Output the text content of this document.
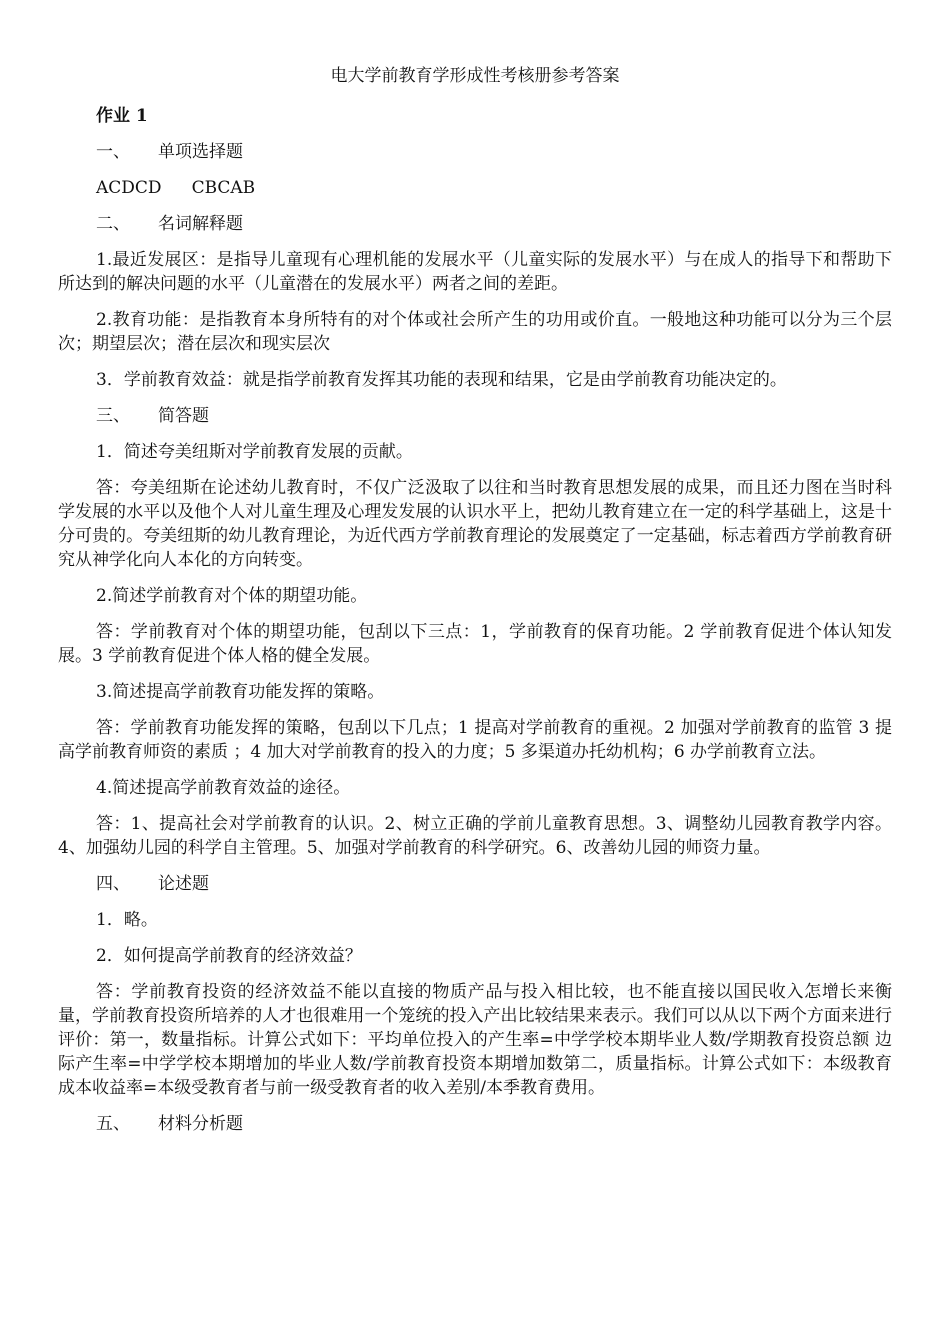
电大学前教育学形成性考核册参考答案
作业 1
一、 单项选择题
ACDCD CBCAB
二、 名词解释题
1.最近发展区：是指导儿童现有心理机能的发展水平（儿童实际的发展水平）与在成人的指导下和帮助下所达到的解决问题的水平（儿童潜在的发展水平）两者之间的差距。
2.教育功能：是指教育本身所特有的对个体或社会所产生的功用或价直。一般地这种功能可以分为三个层次；期望层次；潜在层次和现实层次
3．学前教育效益：就是指学前教育发挥其功能的表现和结果，它是由学前教育功能决定的。
三、 简答题
1．简述夸美纽斯对学前教育发展的贡献。
答：夸美纽斯在论述幼儿教育时，不仅广泛汲取了以往和当时教育思想发展的成果，而且还力图在当时科学发展的水平以及他个人对儿童生理及心理发发展的认识水平上，把幼儿教育建立在一定的科学基础上，这是十分可贵的。夸美纽斯的幼儿教育理论，为近代西方学前教育理论的发展奠定了一定基础，标志着西方学前教育研究从神学化向人本化的方向转变。
2.简述学前教育对个体的期望功能。
答：学前教育对个体的期望功能，包刮以下三点：1，学前教育的保育功能。2 学前教育促进个体认知发展。3 学前教育促进个体人格的健全发展。
3.简述提高学前教育功能发挥的策略。
答：学前教育功能发挥的策略，包刮以下几点；1 提高对学前教育的重视。2 加强对学前教育的监管 3 提高学前教育师资的素质 ；4 加大对学前教育的投入的力度；5 多渠道办托幼机构；6 办学前教育立法。
4.简述提高学前教育效益的途径。
答：1、提高社会对学前教育的认识。2、树立正确的学前儿童教育思想。3、调整幼儿园教育教学内容。4、加强幼儿园的科学自主管理。5、加强对学前教育的科学研究。6、改善幼儿园的师资力量。
四、 论述题
1．略。
2．如何提高学前教育的经济效益？
答：学前教育投资的经济效益不能以直接的物质产品与投入相比较，也不能直接以国民收入怎增长来衡量，学前教育投资所培养的人才也很难用一个笼统的投入产出比较结果来表示。我们可以从以下两个方面来进行评价：第一，数量指标。计算公式如下：平均单位投入的产生率=中学学校本期毕业人数/学期教育投资总额 边际产生率=中学学校本期增加的毕业人数/学前教育投资本期增加数第二，质量指标。计算公式如下：本级教育成本收益率=本级受教育者与前一级受教育者的收入差别/本季教育费用。
五、 材料分析题
